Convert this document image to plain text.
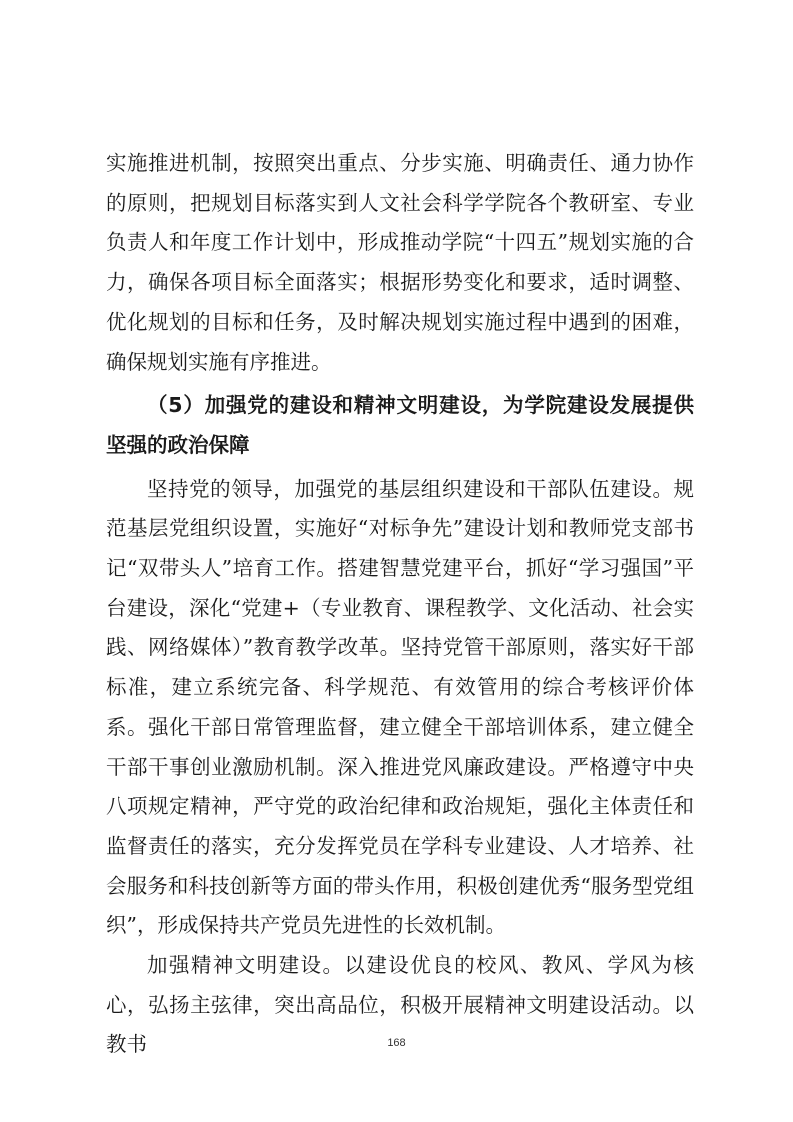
实施推进机制，按照突出重点、分步实施、明确责任、通力协作的原则，把规划目标落实到人文社会科学学院各个教研室、专业负责人和年度工作计划中，形成推动学院“十四五”规划实施的合力，确保各项目标全面落实；根据形势变化和要求，适时调整、优化规划的目标和任务，及时解决规划实施过程中遇到的困难，确保规划实施有序推进。

（5）加强党的建设和精神文明建设，为学院建设发展提供坚强的政治保障

坚持党的领导，加强党的基层组织建设和干部队伍建设。规范基层党组织设置，实施好“对标争先”建设计划和教师党支部书记“双带头人”培育工作。搭建智慧党建平台，抓好“学习强国”平台建设，深化“党建+（专业教育、课程教学、文化活动、社会实践、网络媒体）”教育教学改革。坚持党管干部原则，落实好干部标准，建立系统完备、科学规范、有效管用的综合考核评价体系。强化干部日常管理监督，建立健全干部培训体系，建立健全干部干事创业激励机制。深入推进党风廉政建设。严格遵守中央八项规定精神，严守党的政治纪律和政治规矩，强化主体责任和监督责任的落实，充分发挥党员在学科专业建设、人才培养、社会服务和科技创新等方面的带头作用，积极创建优秀“服务型党组织”，形成保持共产党员先进性的长效机制。

加强精神文明建设。以建设优良的校风、教风、学风为核心，弘扬主弦律，突出高品位，积极开展精神文明建设活动。以教书	168
